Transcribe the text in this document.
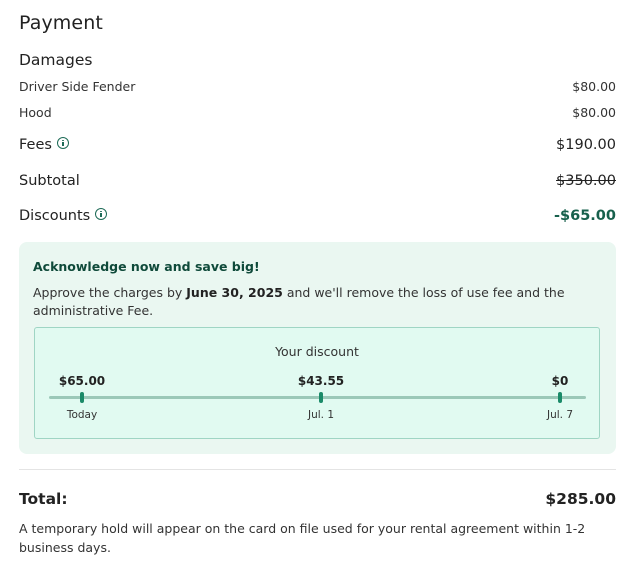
Payment
Damages
Driver Side Fender	$80.00
Hood	$80.00
Fees	$190.00
Subtotal	$350.00
Discounts	-$65.00
Acknowledge now and save big!
Approve the charges by June 30, 2025 and we'll remove the loss of use fee and the administrative Fee.
Your discount
$65.00
Today
$43.55
Jul. 1
$0
Jul. 7
Total:	$285.00
A temporary hold will appear on the card on file used for your rental agreement within 1-2 business days.
